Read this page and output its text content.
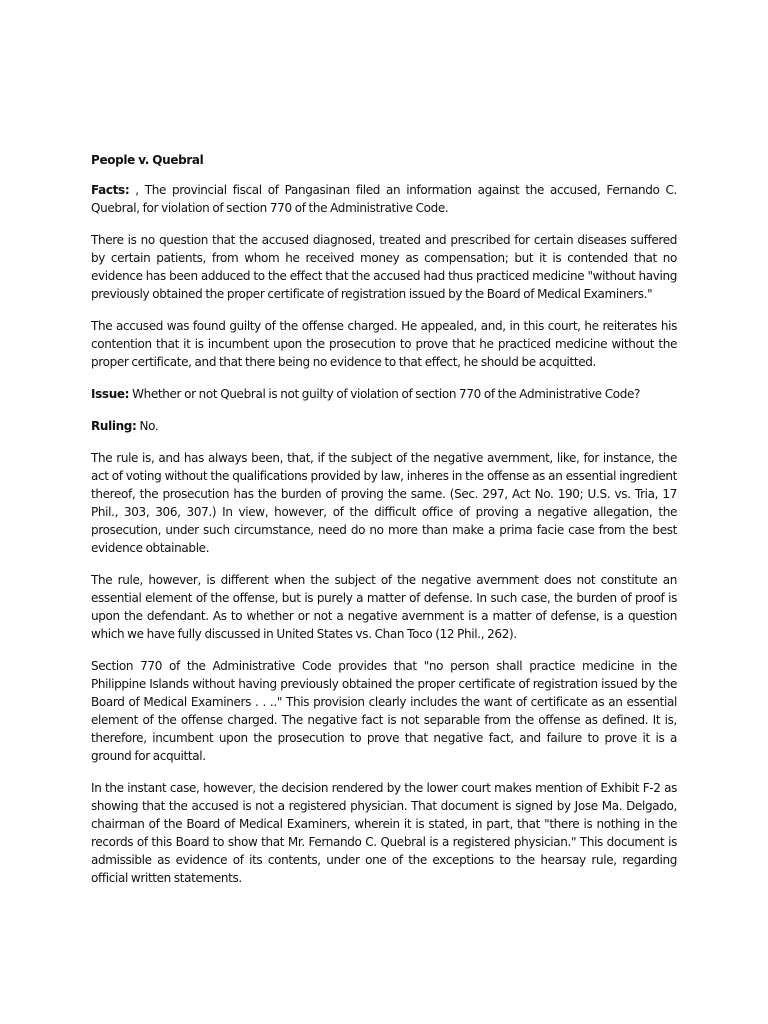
People v. Quebral

Facts: , The provincial fiscal of Pangasinan filed an information against the accused, Fernando C. Quebral, for violation of section 770 of the Administrative Code.

There is no question that the accused diagnosed, treated and prescribed for certain diseases suffered by certain patients, from whom he received money as compensation; but it is contended that no evidence has been adduced to the effect that the accused had thus practiced medicine "without having previously obtained the proper certificate of registration issued by the Board of Medical Examiners."

The accused was found guilty of the offense charged. He appealed, and, in this court, he reiterates his contention that it is incumbent upon the prosecution to prove that he practiced medicine without the proper certificate, and that there being no evidence to that effect, he should be acquitted.

Issue: Whether or not Quebral is not guilty of violation of section 770 of the Administrative Code?

Ruling: No.

The rule is, and has always been, that, if the subject of the negative avernment, like, for instance, the act of voting without the qualifications provided by law, inheres in the offense as an essential ingredient thereof, the prosecution has the burden of proving the same. (Sec. 297, Act No. 190; U.S. vs. Tria, 17 Phil., 303, 306, 307.) In view, however, of the difficult office of proving a negative allegation, the prosecution, under such circumstance, need do no more than make a prima facie case from the best evidence obtainable.

The rule, however, is different when the subject of the negative avernment does not constitute an essential element of the offense, but is purely a matter of defense. In such case, the burden of proof is upon the defendant. As to whether or not a negative avernment is a matter of defense, is a question which we have fully discussed in United States vs. Chan Toco (12 Phil., 262).

Section 770 of the Administrative Code provides that "no person shall practice medicine in the Philippine Islands without having previously obtained the proper certificate of registration issued by the Board of Medical Examiners . . .." This provision clearly includes the want of certificate as an essential element of the offense charged. The negative fact is not separable from the offense as defined. It is, therefore, incumbent upon the prosecution to prove that negative fact, and failure to prove it is a ground for acquittal.

In the instant case, however, the decision rendered by the lower court makes mention of Exhibit F-2 as showing that the accused is not a registered physician. That document is signed by Jose Ma. Delgado, chairman of the Board of Medical Examiners, wherein it is stated, in part, that "there is nothing in the records of this Board to show that Mr. Fernando C. Quebral is a registered physician." This document is admissible as evidence of its contents, under one of the exceptions to the hearsay rule, regarding official written statements.
